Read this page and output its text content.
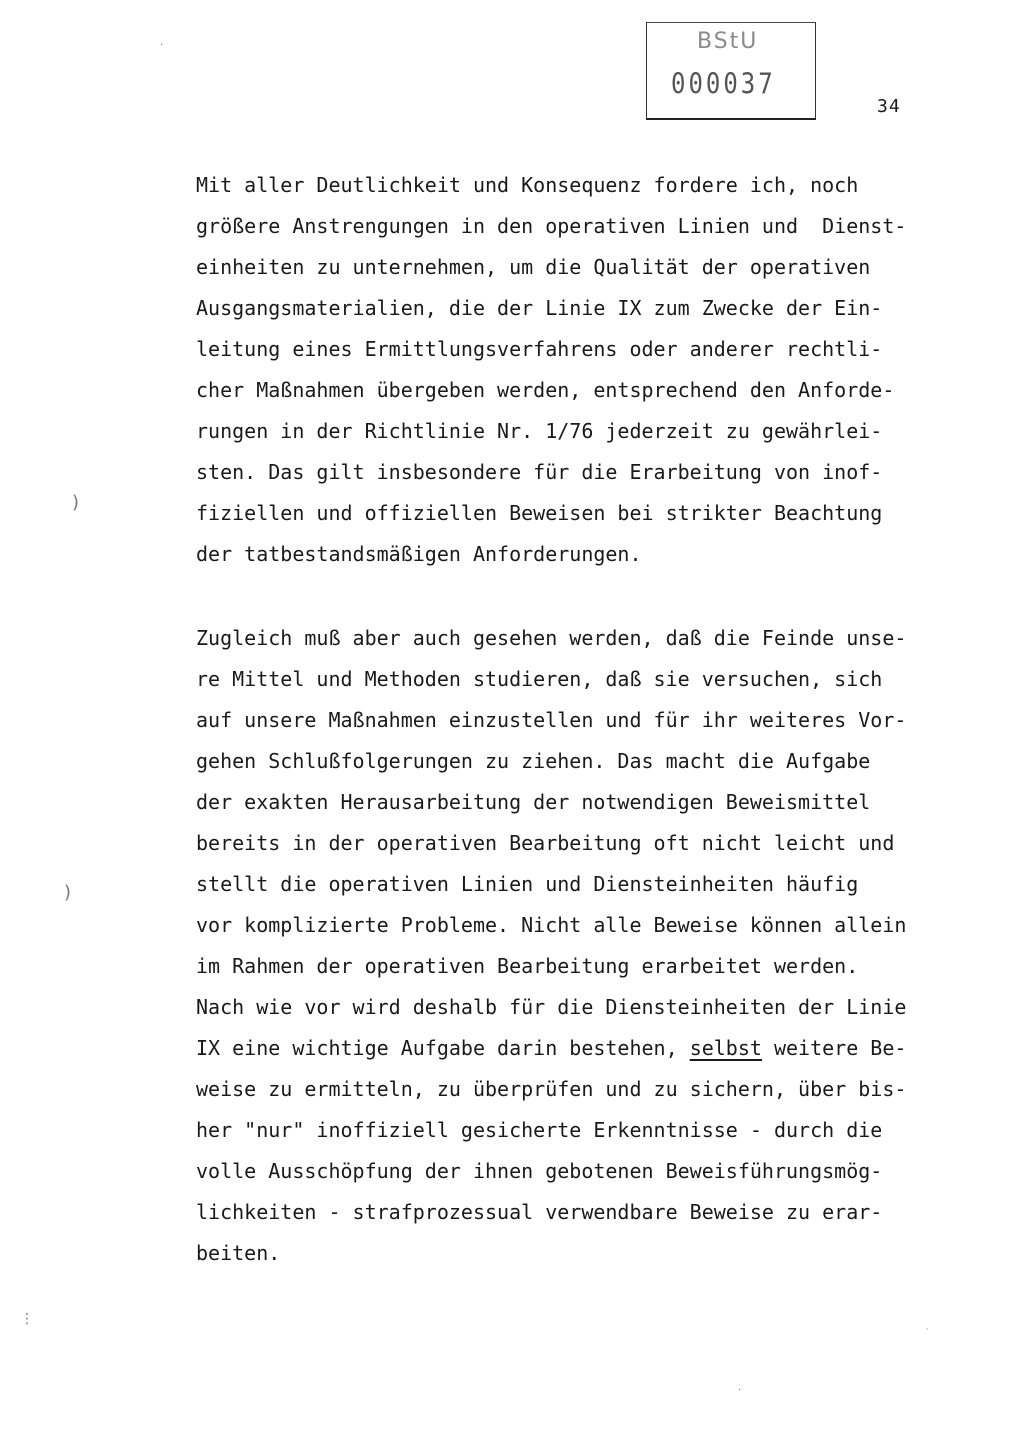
BStU
000037
34
Mit aller Deutlichkeit und Konsequenz fordere ich, noch
größere Anstrengungen in den operativen Linien und  Dienst-
einheiten zu unternehmen, um die Qualität der operativen
Ausgangsmaterialien, die der Linie IX zum Zwecke der Ein-
leitung eines Ermittlungsverfahrens oder anderer rechtli-
cher Maßnahmen übergeben werden, entsprechend den Anforde-
rungen in der Richtlinie Nr. 1/76 jederzeit zu gewährlei-
sten. Das gilt insbesondere für die Erarbeitung von inof-
fiziellen und offiziellen Beweisen bei strikter Beachtung
der tatbestandsmäßigen Anforderungen.
Zugleich muß aber auch gesehen werden, daß die Feinde unse-
re Mittel und Methoden studieren, daß sie versuchen, sich
auf unsere Maßnahmen einzustellen und für ihr weiteres Vor-
gehen Schlußfolgerungen zu ziehen. Das macht die Aufgabe
der exakten Herausarbeitung der notwendigen Beweismittel
bereits in der operativen Bearbeitung oft nicht leicht und
stellt die operativen Linien und Diensteinheiten häufig
vor komplizierte Probleme. Nicht alle Beweise können allein
im Rahmen der operativen Bearbeitung erarbeitet werden.
Nach wie vor wird deshalb für die Diensteinheiten der Linie
IX eine wichtige Aufgabe darin bestehen, selbst weitere Be-
weise zu ermitteln, zu überprüfen und zu sichern, über bis-
her "nur" inoffiziell gesicherte Erkenntnisse - durch die
volle Ausschöpfung der ihnen gebotenen Beweisführungsmög-
lichkeiten - strafprozessual verwendbare Beweise zu erar-
beiten.
·
)
)
⋮
·
·
